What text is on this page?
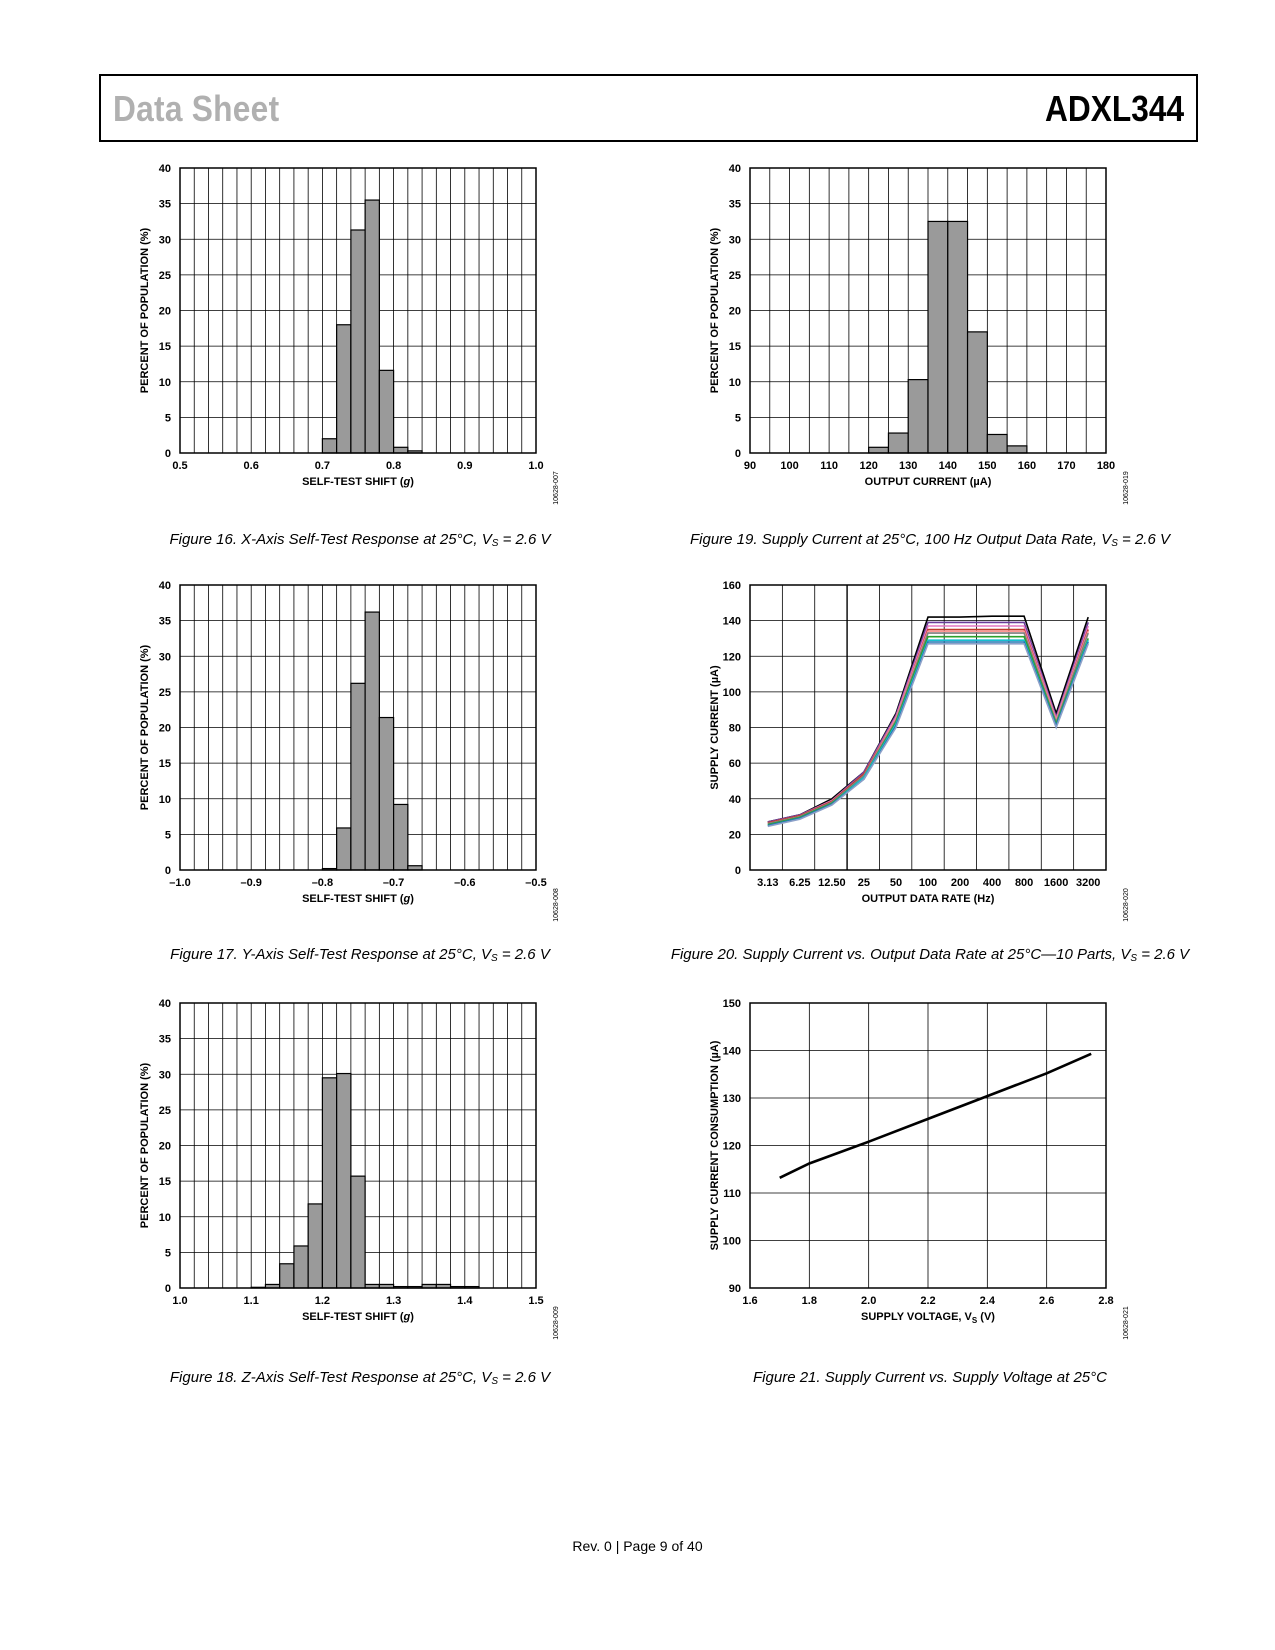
Data Sheet	ADXL344
0
5
10
15
20
25
30
35
40
PERCENT OF POPULATION (%)
10628-007
0.5	0.6	0.7	0.8	0.9	1.0
SELF-TEST SHIFT (g)
0
5
10
15
20
25
30
35
40
PERCENT OF POPULATION (%)
10628-008
–1.0	–0.9	–0.8	–0.7	–0.6	–0.5
SELF-TEST SHIFT (g)
0
5
10
15
20
25
30
35
40
PERCENT OF POPULATION (%)
10628-009
1.0	1.1	1.2	1.3	1.4	1.5
SELF-TEST SHIFT (g)
0
5
10
15
20
25
30
35
40
PERCENT OF POPULATION (%)
10628-019
90 100 110 120 130 140 150 160 170 180
OUTPUT CURRENT (µA)
0
20
40
60
80
100
120
140
160
SUPPLY CURRENT (µA)
10628-020
3.13 6.25 12.50 25 50 100 200 400 800 1600 3200
OUTPUT DATA RATE (Hz)
90
100
110
120
130
140
150
SUPPLY CURRENT CONSUMPTION (µA)
10628-021
1.6	1.8	2.0	2.2	2.4	2.6	2.8
SUPPLY VOLTAGE, $V_S$ (V)
Figure 16. X-Axis Self-Test Response at 25°C, $V_S = 2.6$ V
Figure 17. Y-Axis Self-Test Response at 25°C, $V_S = 2.6$ V
Figure 18. Z-Axis Self-Test Response at 25°C, $V_S = 2.6$ V
Figure 19. Supply Current at 25°C, 100 Hz Output Data Rate, $V_S = 2.6$ V
Figure 20. Supply Current vs. Output Data Rate at 25°C—10 Parts, $V_S = 2.6$ V
Figure 21. Supply Current vs. Supply Voltage at 25°C
Rev. 0 | Page 9 of 40
